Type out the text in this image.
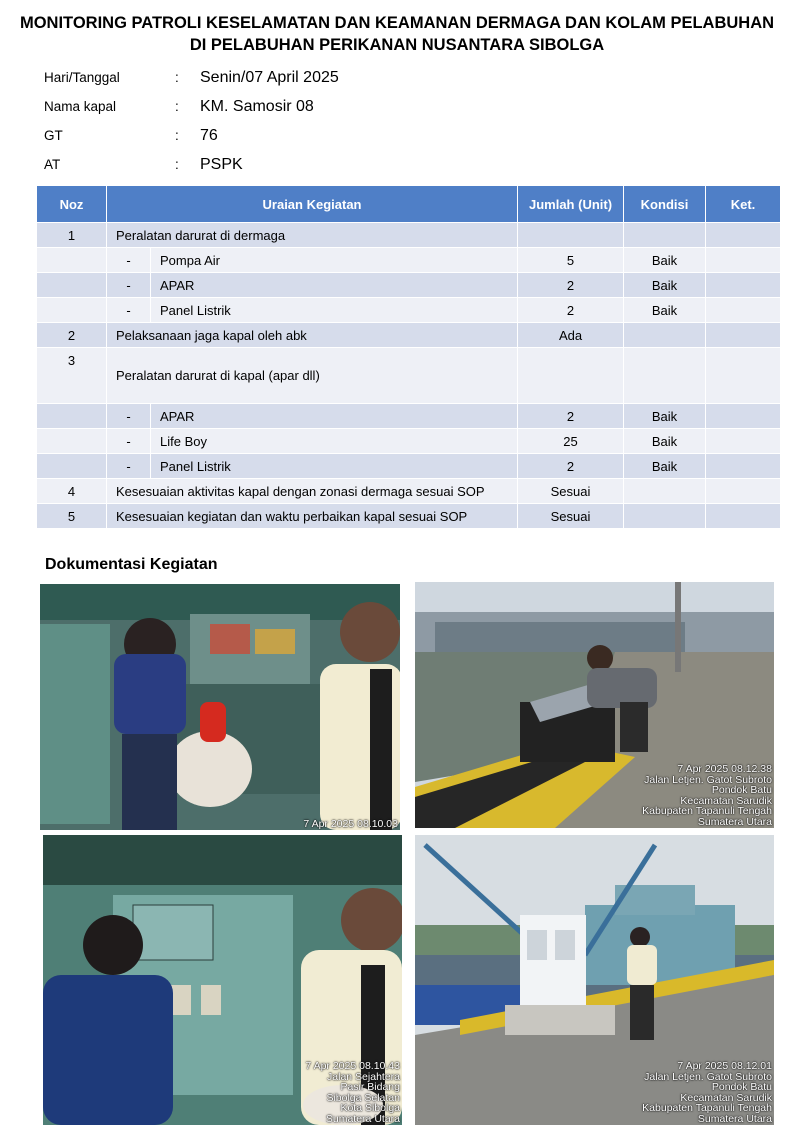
MONITORING PATROLI KESELAMATAN DAN KEAMANAN DERMAGA DAN KOLAM PELABUHAN
DI PELABUHAN PERIKANAN NUSANTARA SIBOLGA
Hari/Tanggal	: Senin/07 April 2025
Nama kapal	: KM. Samosir 08
GT	: 76
AT	: PSPK
Noz	Uraian Kegiatan		Jumlah (Unit)	Kondisi	Ket.
1	Peralatan darurat di dermaga				
	-	Pompa Air	5	Baik	
	-	APAR	2	Baik	
	-	Panel Listrik	2	Baik	
2	Pelaksanaan jaga kapal oleh abk		Ada		
3	Peralatan darurat di kapal (apar dll)				
	-	APAR	2	Baik	
	-	Life Boy	25	Baik	
	-	Panel Listrik	2	Baik	
4	Kesesuaian aktivitas kapal dengan zonasi dermaga sesuai SOP		Sesuai		
5	Kesesuaian kegiatan dan waktu perbaikan kapal sesuai SOP		Sesuai		
Dokumentasi Kegiatan
7 Apr 2025 08.10.03
7 Apr 2025 08.12.38
Jalan Letjen. Gatot Subroto
Pondok Batu
Kecamatan Sarudik
Kabupaten Tapanuli Tengah
Sumatera Utara
7 Apr 2025 08.10.43
Jalan Sejahtera
Pasir Bidang
Sibolga Selatan
Kota Sibolga
Sumatera Utara
7 Apr 2025 08.12.01
Jalan Letjen. Gatot Subroto
Pondok Batu
Kecamatan Sarudik
Kabupaten Tapanuli Tengah
Sumatera Utara
